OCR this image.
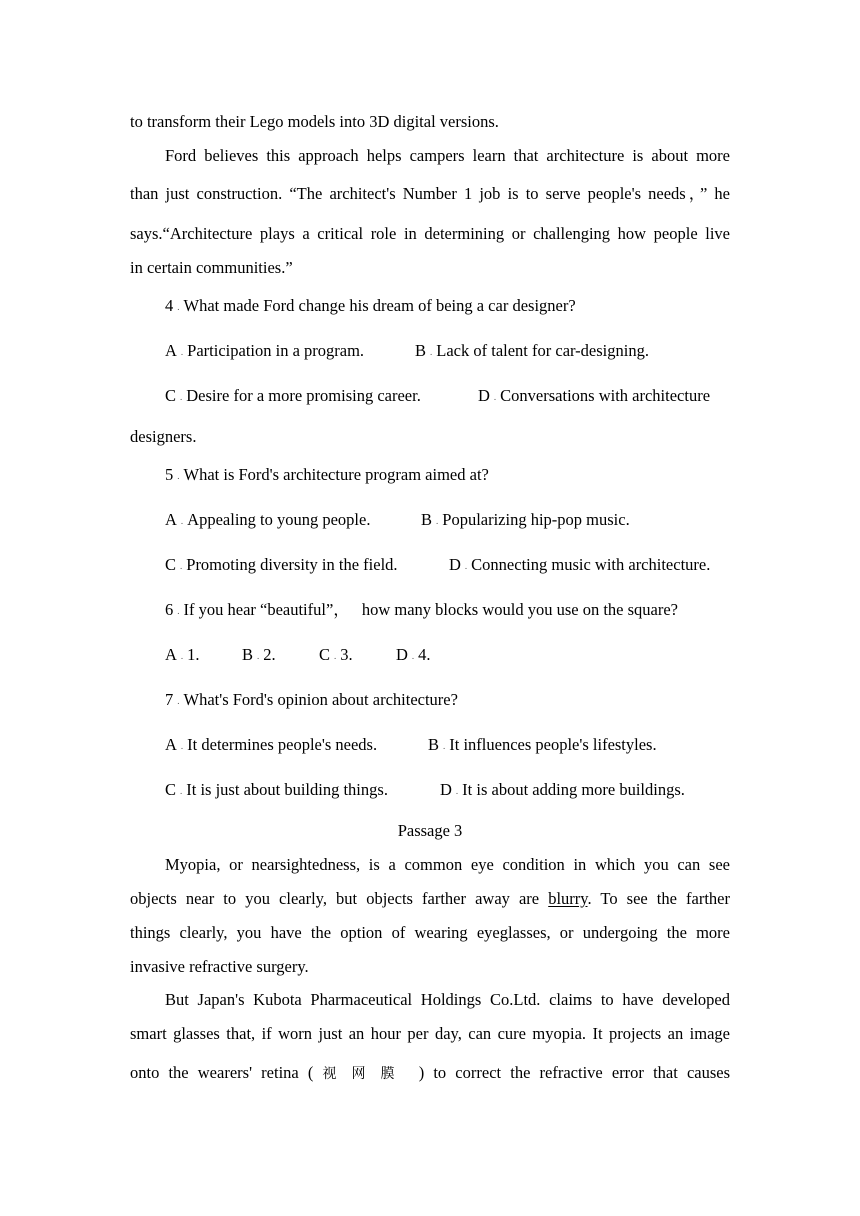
to transform their Lego models into 3D digital versions.
Ford believes this approach helps campers learn that architecture is about more
than just construction. “The architect's Number 1 job is to serve people's needs，” he
says.“Architecture plays a critical role in determining or challenging how people live
in certain communities.”
4 . What made Ford change his dream of being a car designer?
A . Participation in a program.	B . Lack of talent for car-designing.
C . Desire for a more promising career.	D . Conversations with architecture
designers.
5 . What is Ford's architecture program aimed at?
A . Appealing to young people.	B . Popularizing hip-pop music.
C . Promoting diversity in the field.	D . Connecting music with architecture.
6 . If you hear “beautiful”， how many blocks would you use on the square?
A . 1.	B . 2.	C . 3.	D . 4.
7 . What's Ford's opinion about architecture?
A . It determines people's needs.	B . It influences people's lifestyles.
C . It is just about building things.	D . It is about adding more buildings.
Passage 3
Myopia, or nearsightedness, is a common eye condition in which you can see
objects near to you clearly, but objects farther away are blurry. To see the farther
things clearly, you have the option of wearing eyeglasses, or undergoing the more
invasive refractive surgery.
But Japan's Kubota Pharmaceutical Holdings Co.Ltd. claims to have developed
smart glasses that, if worn just an hour per day, can cure myopia. It projects an image
onto the wearers' retina ( 视网膜 ) to correct the refractive error that causes
